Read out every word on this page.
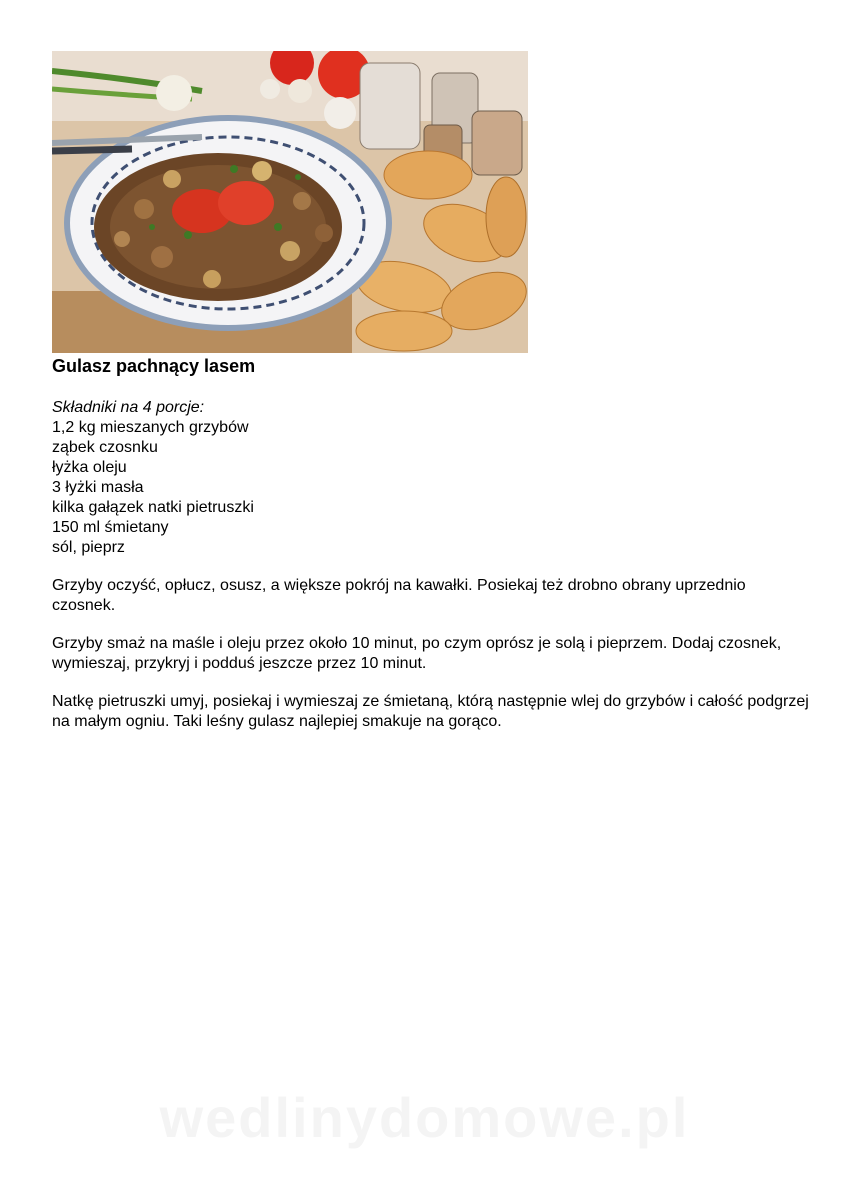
Gulasz pachnący lasem
Składniki na 4 porcje:
1,2 kg mieszanych grzybów
ząbek czosnku
łyżka oleju
3 łyżki masła
kilka gałązek natki pietruszki
150 ml śmietany
sól, pieprz

Grzyby oczyść, opłucz, osusz, a większe pokrój na kawałki. Posiekaj też drobno obrany uprzednio czosnek.

Grzyby smaż na maśle i oleju przez około 10 minut, po czym oprósz je solą i pieprzem. Dodaj czosnek, wymieszaj, przykryj i podduś jeszcze przez 10 minut.

Natkę pietruszki umyj, posiekaj i wymieszaj ze śmietaną, którą następnie wlej do grzybów i całość podgrzej na małym ogniu. Taki leśny gulasz najlepiej smakuje na gorąco.

wedlinydomowe.pl
